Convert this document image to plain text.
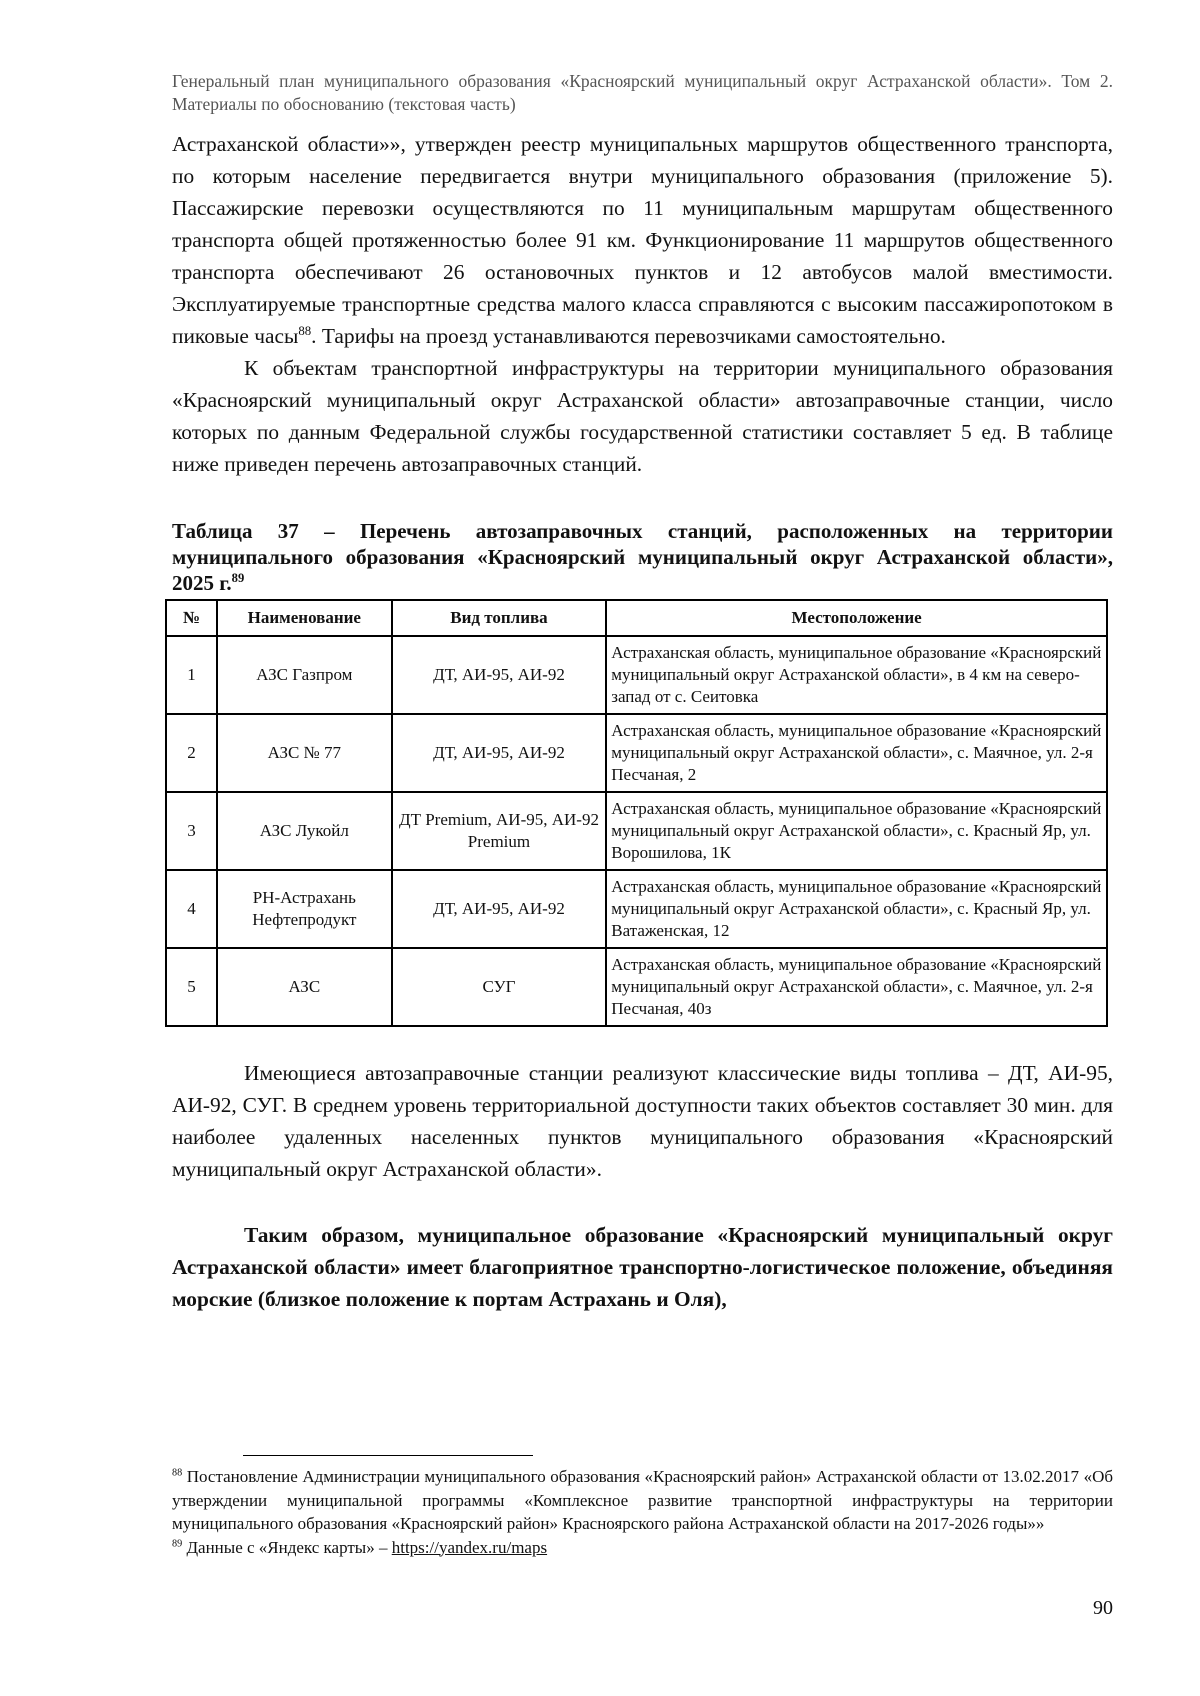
Генеральный план муниципального образования «Красноярский муниципальный округ Астраханской области». Том 2. Материалы по обоснованию (текстовая часть)

Астраханской области»», утвержден реестр муниципальных маршрутов общественного транспорта, по которым население передвигается внутри муниципального образования (приложение 5). Пассажирские перевозки осуществляются по 11 муниципальным маршрутам общественного транспорта общей протяженностью более 91 км. Функционирование 11 маршрутов общественного транспорта обеспечивают 26 остановочных пунктов и 12 автобусов малой вместимости. Эксплуатируемые транспортные средства малого класса справляются с высоким пассажиропотоком в пиковые часы$^{88}$. Тарифы на проезд устанавливаются перевозчиками самостоятельно.

К объектам транспортной инфраструктуры на территории муниципального образования «Красноярский муниципальный округ Астраханской области» автозаправочные станции, число которых по данным Федеральной службы государственной статистики составляет 5 ед. В таблице ниже приведен перечень автозаправочных станций.

Таблица 37 – Перечень автозаправочных станций, расположенных на территории муниципального образования «Красноярский муниципальный округ Астраханской области», 2025 г.$^{89}$

№	Наименование	Вид топлива	Местоположение
1	АЗС Газпром	ДТ, АИ-95, АИ-92	Астраханская область, муниципальное образование «Красноярский муниципальный округ Астраханской области», в 4 км на северо-запад от с. Сеитовка
2	АЗС № 77	ДТ, АИ-95, АИ-92	Астраханская область, муниципальное образование «Красноярский муниципальный округ Астраханской области», с. Маячное, ул. 2-я Песчаная, 2
3	АЗС Лукойл	ДТ Premium, АИ-95, АИ-92 Premium	Астраханская область, муниципальное образование «Красноярский муниципальный округ Астраханской области», с. Красный Яр, ул. Ворошилова, 1К
4	РН-Астрахань Нефтепродукт	ДТ, АИ-95, АИ-92	Астраханская область, муниципальное образование «Красноярский муниципальный округ Астраханской области», с. Красный Яр, ул. Ватаженская, 12
5	АЗС	СУГ	Астраханская область, муниципальное образование «Красноярский муниципальный округ Астраханской области», с. Маячное, ул. 2-я Песчаная, 40з

Имеющиеся автозаправочные станции реализуют классические виды топлива – ДТ, АИ-95, АИ-92, СУГ. В среднем уровень территориальной доступности таких объектов составляет 30 мин. для наиболее удаленных населенных пунктов муниципального образования «Красноярский муниципальный округ Астраханской области».

Таким образом, муниципальное образование «Красноярский муниципальный округ Астраханской области» имеет благоприятное транспортно-логистическое положение, объединяя морские (близкое положение к портам Астрахань и Оля),

$^{88}$ Постановление Администрации муниципального образования «Красноярский район» Астраханской области от 13.02.2017 «Об утверждении муниципальной программы «Комплексное развитие транспортной инфраструктуры на территории муниципального образования «Красноярский район» Красноярского района Астраханской области на 2017-2026 годы»»

$^{89}$ Данные с «Яндекс карты» – https://yandex.ru/maps

90
